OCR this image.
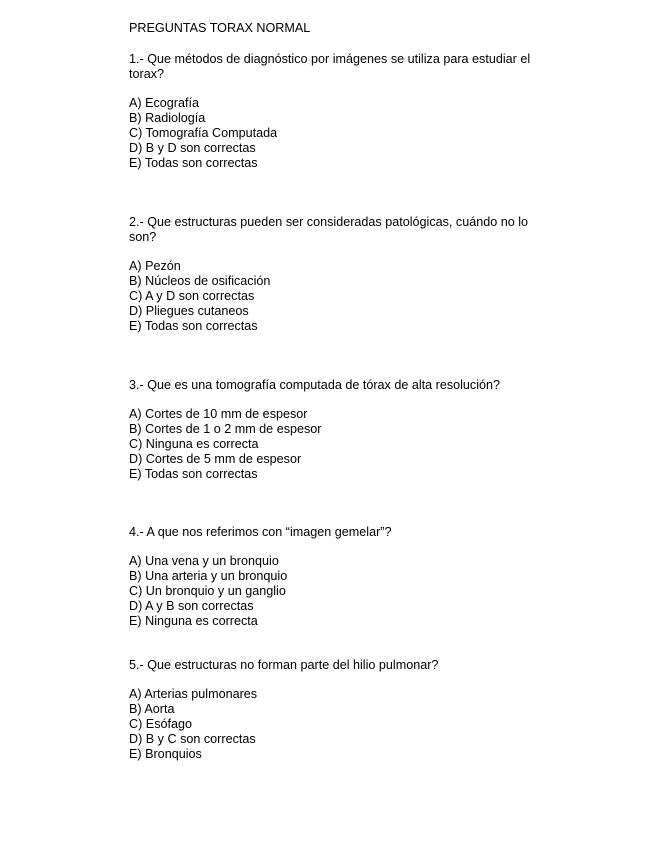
PREGUNTAS TORAX NORMAL

1.- Que métodos de diagnóstico por imágenes se utiliza para estudiar el torax?

A) Ecografía
B) Radiología
C) Tomografía Computada
D) B y D son correctas
E) Todas son correctas

2.- Que estructuras pueden ser consideradas patológicas, cuándo no lo son?

A) Pezón
B) Núcleos de osificación
C) A y D son correctas
D) Pliegues cutaneos
E) Todas son correctas

3.- Que es una tomografía computada de tórax de alta resolución?

A) Cortes de 10 mm de espesor
B) Cortes de 1 o 2 mm de espesor
C) Ninguna es correcta
D) Cortes de 5 mm de espesor
E) Todas son correctas

4.- A que nos referimos con “imagen gemelar”?

A) Una vena y un bronquio
B) Una arteria y un bronquio
C) Un bronquio y un ganglio
D) A y B son correctas
E) Ninguna es correcta

5.- Que estructuras no forman parte del hilio pulmonar?

A) Arterias pulmonares
B) Aorta
C) Esófago
D) B y C son correctas
E) Bronquios
